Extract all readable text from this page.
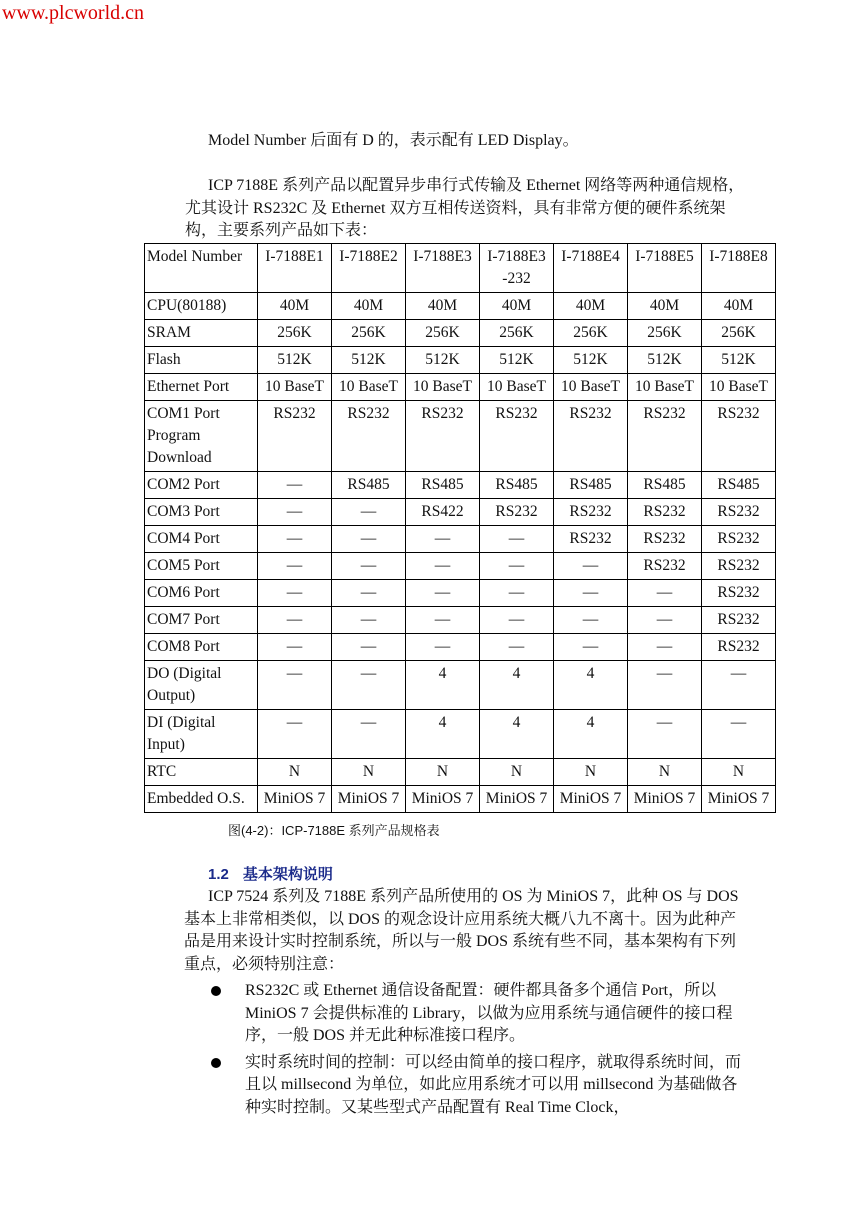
www.plcworld.cn
Model Number 后面有 D 的，表示配有 LED Display。
ICP 7188E 系列产品以配置异步串行式传输及 Ethernet 网络等两种通信规格，尤其设计 RS232C 及 Ethernet 双方互相传送资料，具有非常方便的硬件系统架构，主要系列产品如下表：
Model Number	I-7188E1	I-7188E2	I-7188E3	I-7188E3 -232	I-7188E4	I-7188E5	I-7188E8
CPU(80188)	40M	40M	40M	40M	40M	40M	40M
SRAM	256K	256K	256K	256K	256K	256K	256K
Flash	512K	512K	512K	512K	512K	512K	512K
Ethernet Port	10 BaseT	10 BaseT	10 BaseT	10 BaseT	10 BaseT	10 BaseT	10 BaseT
COM1 Port Program Download	RS232	RS232	RS232	RS232	RS232	RS232	RS232
COM2 Port	—	RS485	RS485	RS485	RS485	RS485	RS485
COM3 Port	—	—	RS422	RS232	RS232	RS232	RS232
COM4 Port	—	—	—	—	RS232	RS232	RS232
COM5 Port	—	—	—	—	—	RS232	RS232
COM6 Port	—	—	—	—	—	—	RS232
COM7 Port	—	—	—	—	—	—	RS232
COM8 Port	—	—	—	—	—	—	RS232
DO (Digital Output)	—	—	4	4	4	—	—
DI (Digital Input)	—	—	4	4	4	—	—
RTC	N	N	N	N	N	N	N
Embedded O.S.	MiniOS 7	MiniOS 7	MiniOS 7	MiniOS 7	MiniOS 7	MiniOS 7	MiniOS 7
图(4-2)：ICP-7188E 系列产品规格表
1.2 基本架构说明
ICP 7524 系列及 7188E 系列产品所使用的 OS 为 MiniOS 7，此种 OS 与 DOS 基本上非常相类似，以 DOS 的观念设计应用系统大概八九不离十。因为此种产品是用来设计实时控制系统，所以与一般 DOS 系统有些不同，基本架构有下列重点，必须特别注意：
RS232C 或 Ethernet 通信设备配置：硬件都具备多个通信 Port，所以 MiniOS 7 会提供标准的 Library，以做为应用系统与通信硬件的接口程序，一般 DOS 并无此种标准接口程序。
实时系统时间的控制：可以经由简单的接口程序，就取得系统时间，而且以 millsecond 为单位，如此应用系统才可以用 millsecond 为基础做各种实时控制。又某些型式产品配置有 Real Time Clock，
